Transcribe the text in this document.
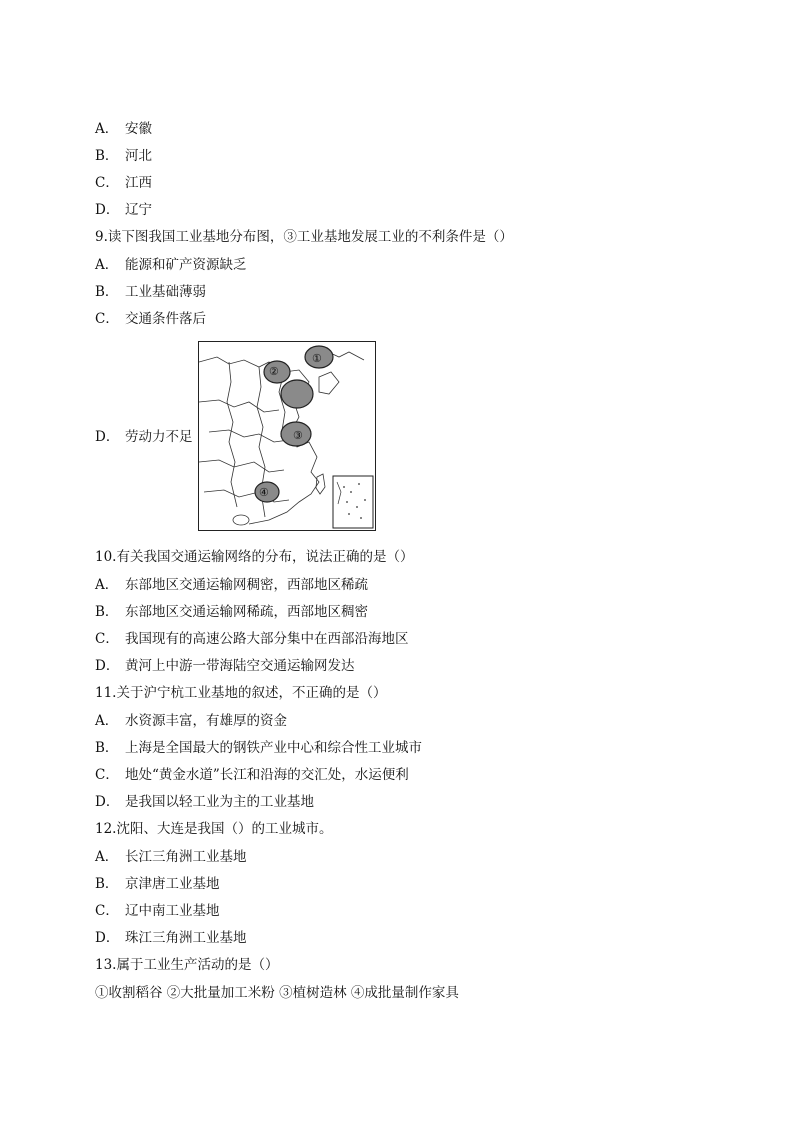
A． 安徽
B． 河北
C． 江西
D． 辽宁
9.读下图我国工业基地分布图，③工业基地发展工业的不利条件是（）
A． 能源和矿产资源缺乏
B． 工业基础薄弱
C． 交通条件落后
D． 劳动力不足
①
②
③
④
10.有关我国交通运输网络的分布，说法正确的是（）
A． 东部地区交通运输网稠密，西部地区稀疏
B． 东部地区交通运输网稀疏，西部地区稠密
C． 我国现有的高速公路大部分集中在西部沿海地区
D． 黄河上中游一带海陆空交通运输网发达
11.关于沪宁杭工业基地的叙述，不正确的是（）
A． 水资源丰富，有雄厚的资金
B． 上海是全国最大的钢铁产业中心和综合性工业城市
C． 地处“黄金水道”长江和沿海的交汇处，水运便利
D． 是我国以轻工业为主的工业基地
12.沈阳、大连是我国（）的工业城市。
A． 长江三角洲工业基地
B． 京津唐工业基地
C． 辽中南工业基地
D． 珠江三角洲工业基地
13.属于工业生产活动的是（）
①收割稻谷 ②大批量加工米粉 ③植树造林 ④成批量制作家具
